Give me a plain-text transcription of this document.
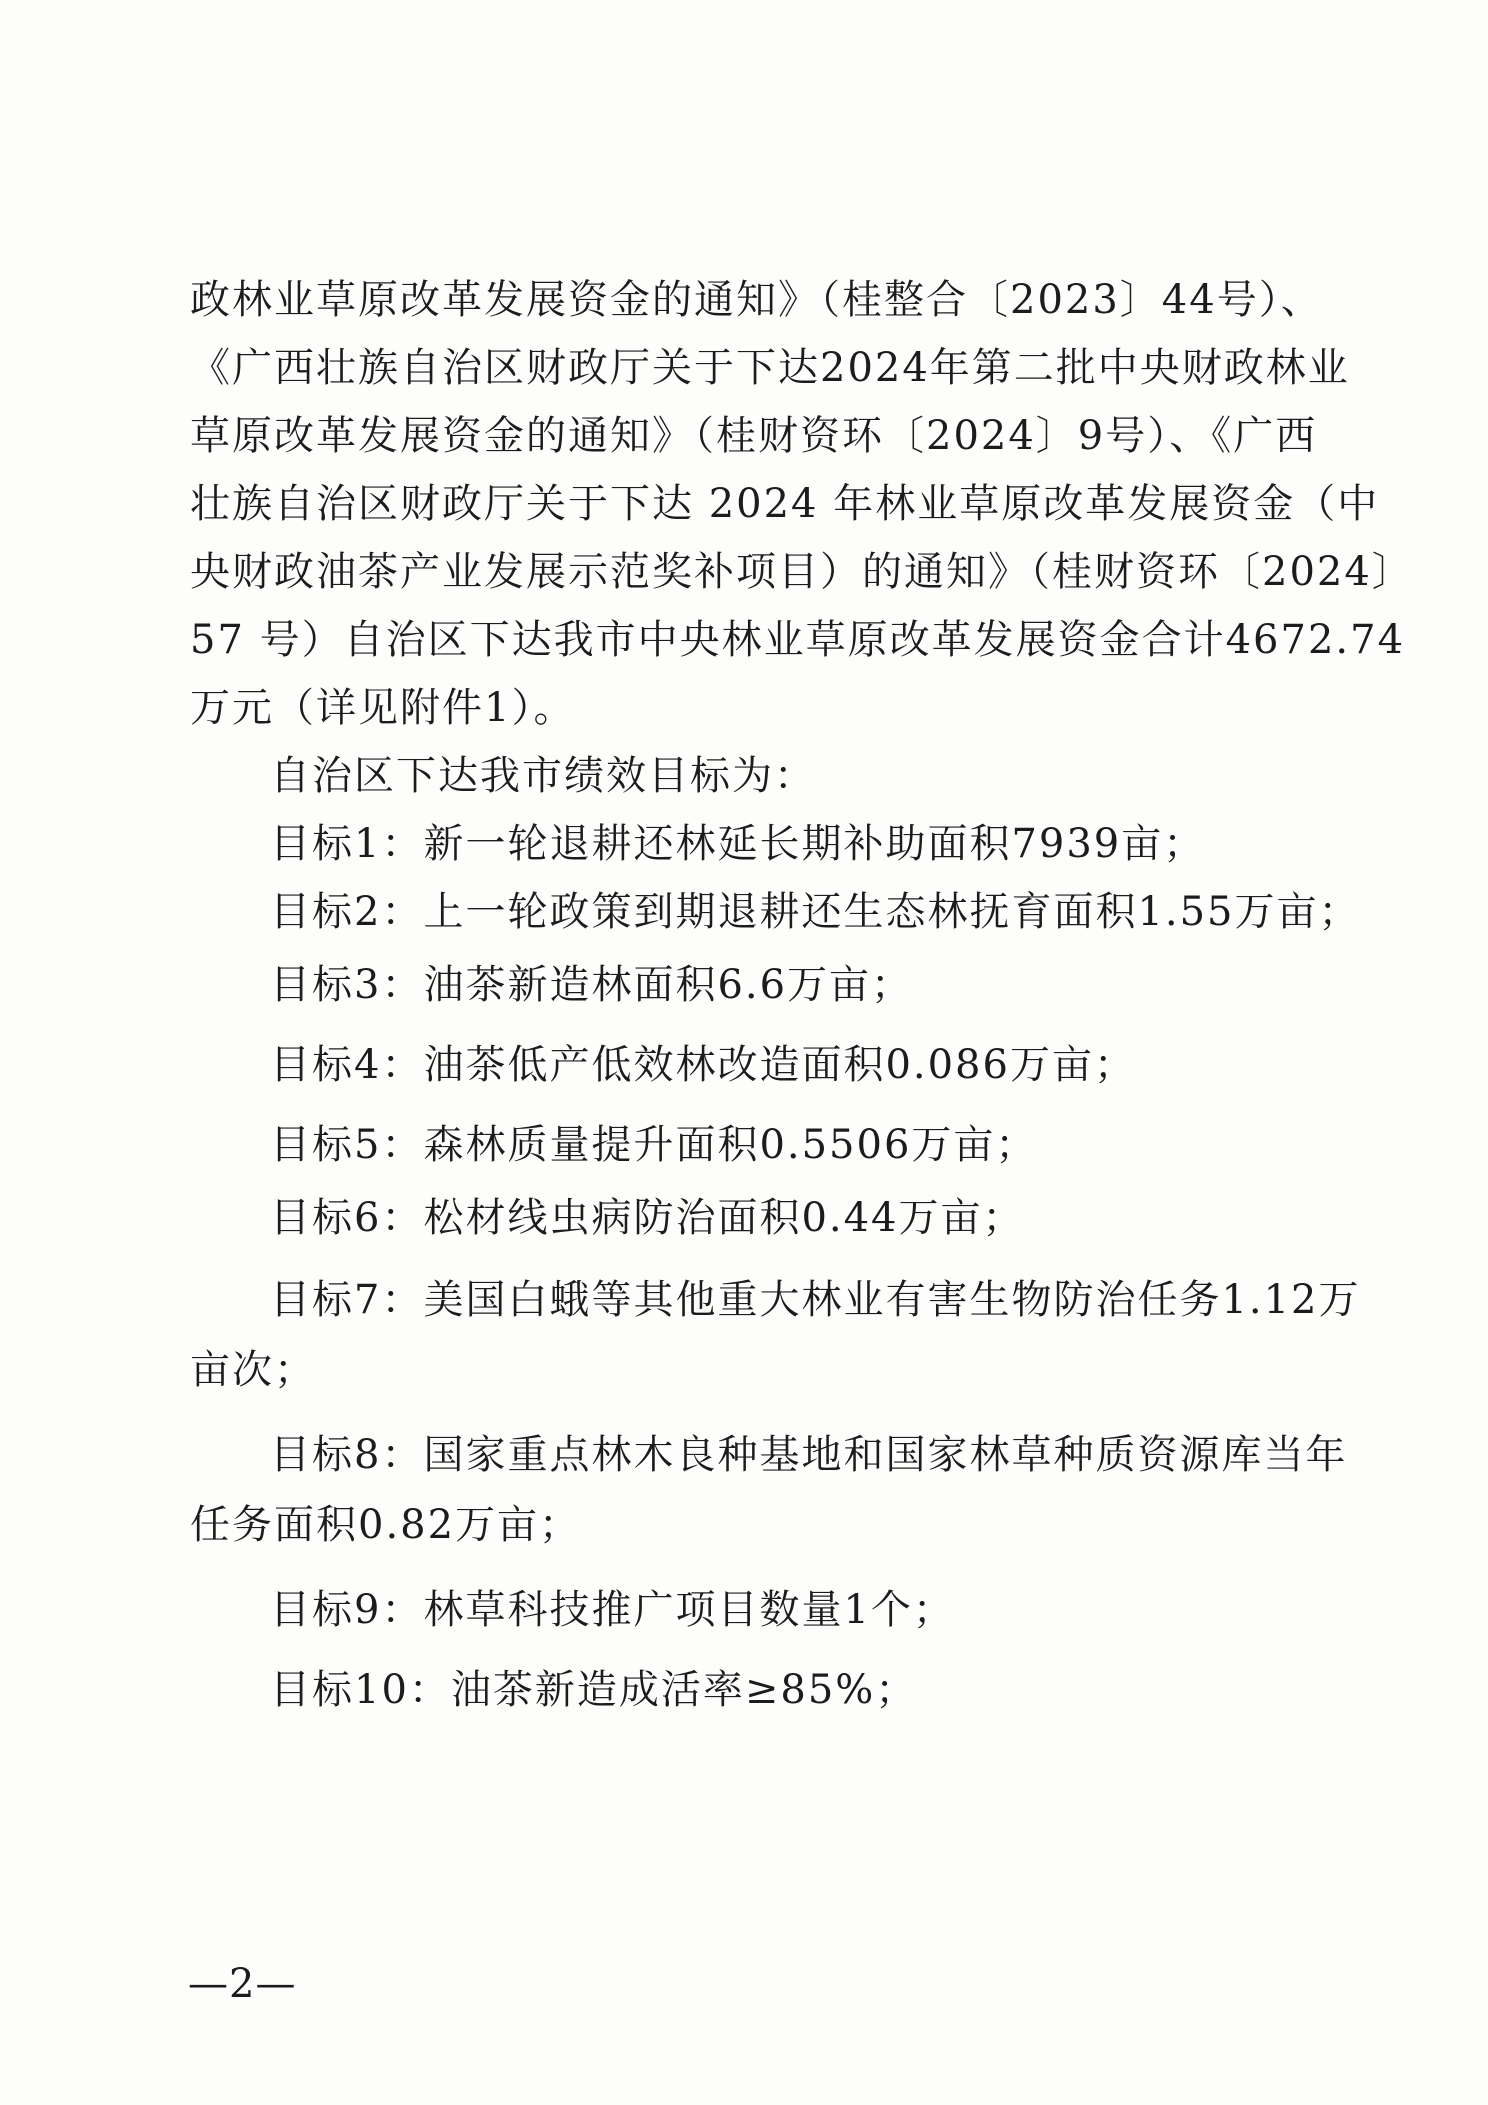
政林业草原改革发展资金的通知》（桂整合〔2023〕44号）、
《广西壮族自治区财政厅关于下达2024年第二批中央财政林业
草原改革发展资金的通知》（桂财资环〔2024〕9号）、《广西
壮族自治区财政厅关于下达 2024 年林业草原改革发展资金（中
央财政油茶产业发展示范奖补项目）的通知》（桂财资环〔2024〕
57 号）自治区下达我市中央林业草原改革发展资金合计4672.74
万元（详见附件1）。
自治区下达我市绩效目标为：
目标1：新一轮退耕还林延长期补助面积7939亩；
目标2：上一轮政策到期退耕还生态林抚育面积1.55万亩；
目标3：油茶新造林面积6.6万亩；
目标4：油茶低产低效林改造面积0.086万亩；
目标5：森林质量提升面积0.5506万亩；
目标6：松材线虫病防治面积0.44万亩；
目标7：美国白蛾等其他重大林业有害生物防治任务1.12万
亩次；
目标8：国家重点林木良种基地和国家林草种质资源库当年
任务面积0.82万亩；
目标9：林草科技推广项目数量1个；
目标10：油茶新造成活率≥85%；
—2—
